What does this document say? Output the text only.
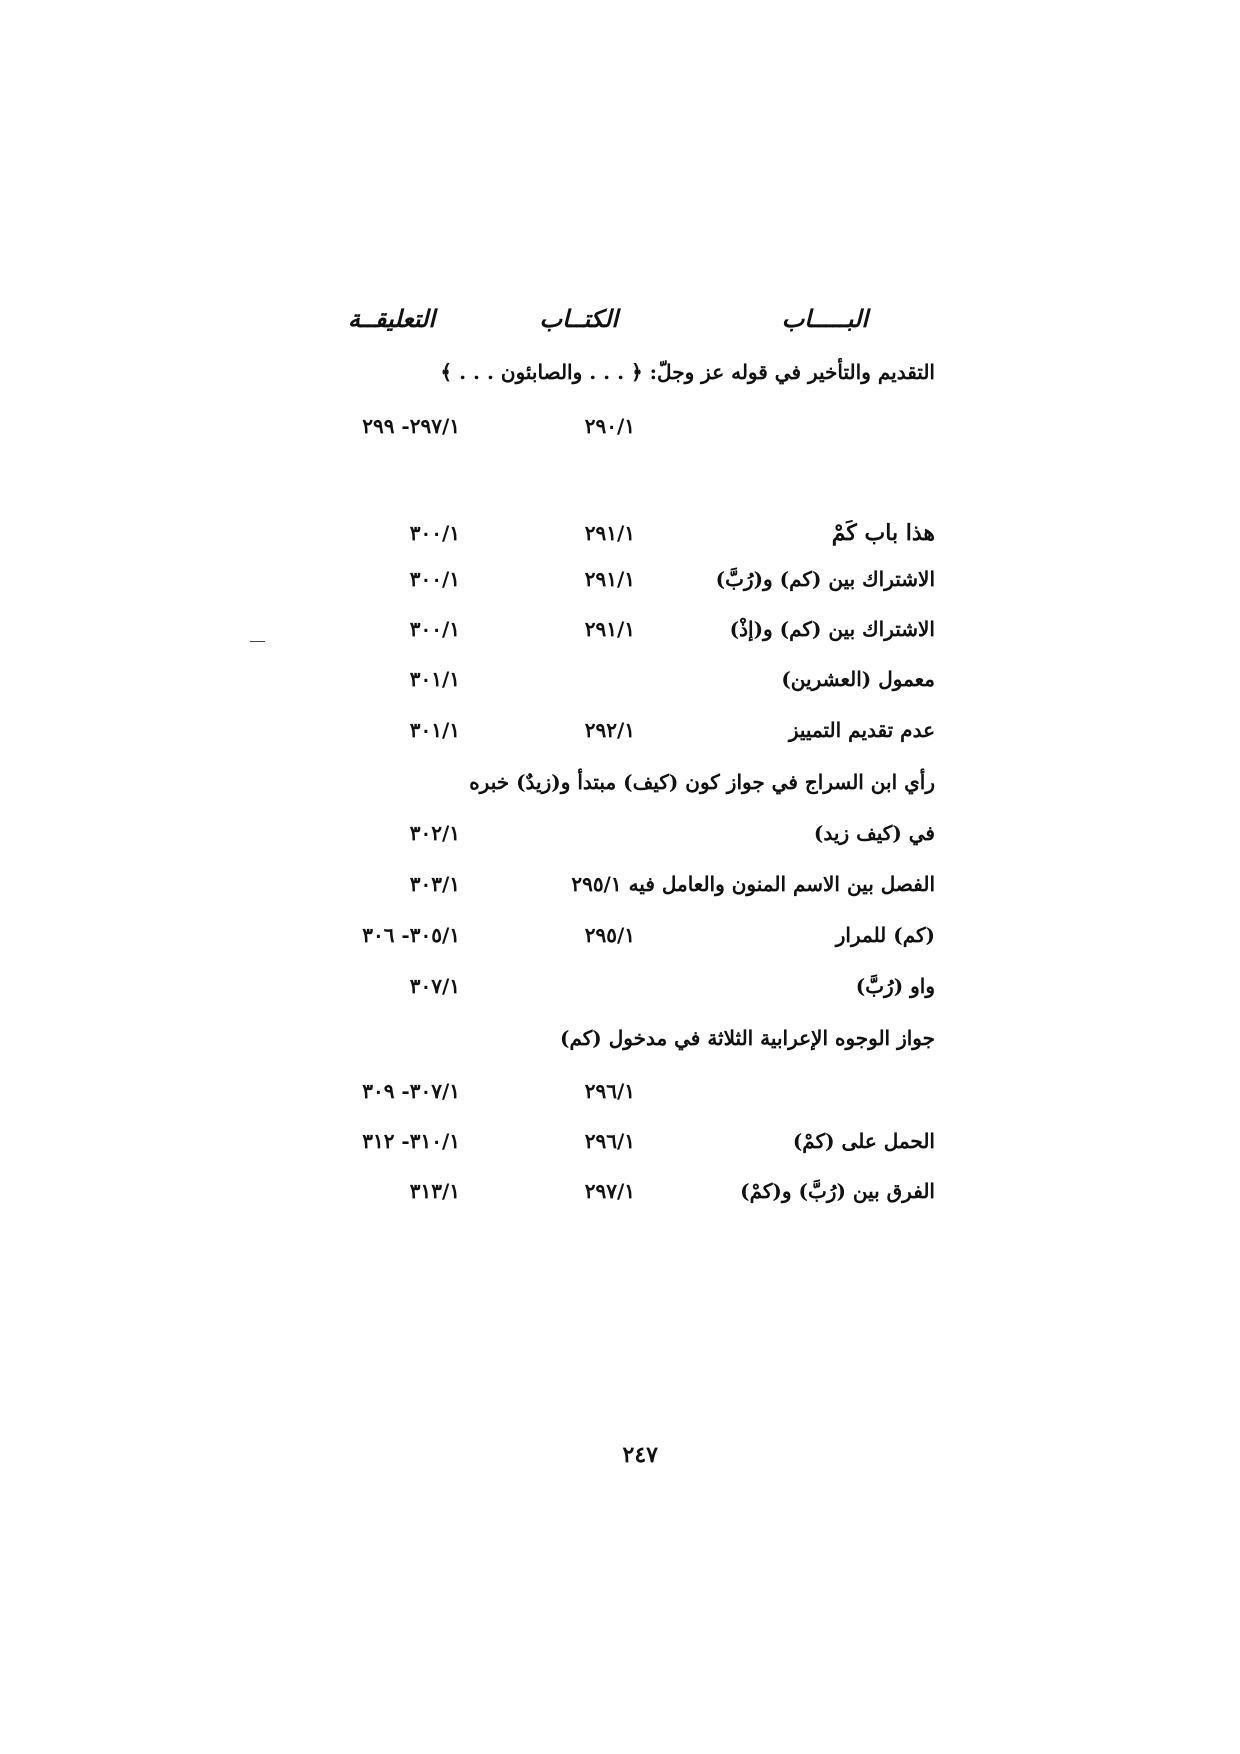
البـــــاب
الكتــاب
التعليقــة
التقديم والتأخير في قوله عز وجلّ: ﴿ . . . والصابئون . . . ﴾
٢٩٠/١
٢٩٧/١- ٢٩٩
هذا باب كَمْ
٢٩١/١
٣٠٠/١
الاشتراك بين (كم) و(رُبَّ)
٢٩١/١
٣٠٠/١
الاشتراك بين (كم) و(إذْ)
٢٩١/١
٣٠٠/١
معمول (العشرين)
٣٠١/١
عدم تقديم التمييز
٢٩٢/١
٣٠١/١
رأي ابن السراج في جواز كون (كيف) مبتدأ و(زيدٌ) خبره
في (كيف زيد)
٣٠٢/١
الفصل بين الاسم المنون والعامل فيه ٢٩٥/١
٣٠٣/١
(كم) للمرار
٢٩٥/١
٣٠٥/١- ٣٠٦
واو (رُبَّ)
٣٠٧/١
جواز الوجوه الإعرابية الثلاثة في مدخول (كم)
٢٩٦/١
٣٠٧/١- ٣٠٩
الحمل على (كمْ)
٢٩٦/١
٣١٠/١- ٣١٢
الفرق بين (رُبَّ) و(كمْ)
٢٩٧/١
٣١٣/١
٢٤٧
